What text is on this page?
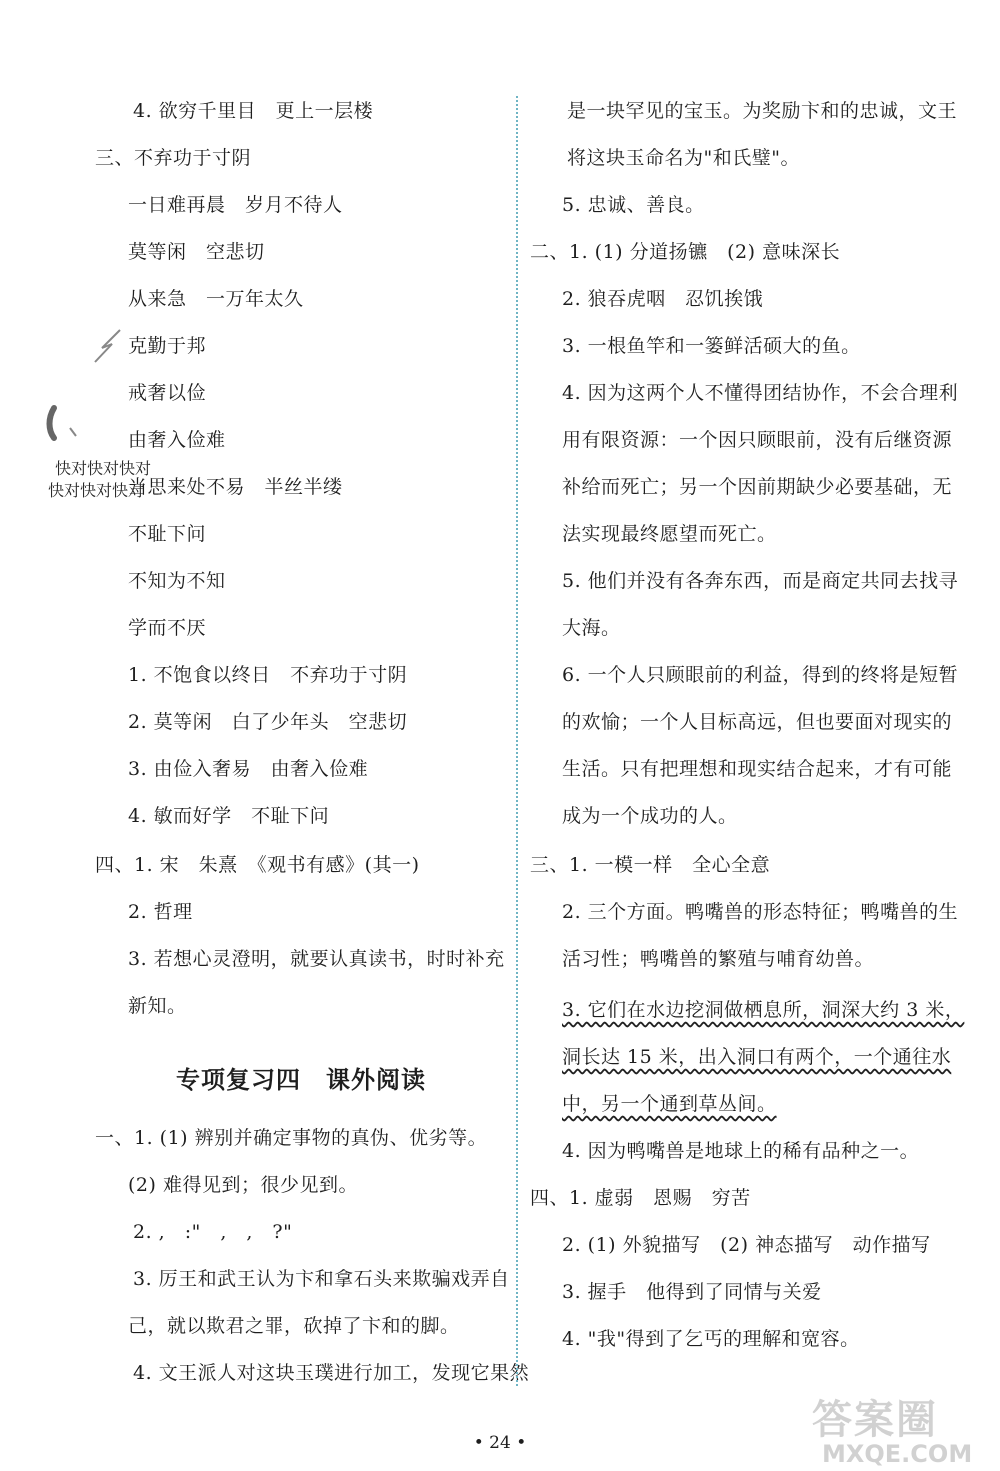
4. 欲穷千里目　更上一层楼
三、不弃功于寸阴
一日难再晨　岁月不待人
莫等闲　空悲切
从来急　一万年太久
克勤于邦
戒奢以俭
由奢入俭难
当思来处不易　半丝半缕
不耻下问
不知为不知
学而不厌
1. 不饱食以终日　不弃功于寸阴
2. 莫等闲　白了少年头　空悲切
3. 由俭入奢易　由奢入俭难
4. 敏而好学　不耻下问
四、1. 宋　朱熹　《观书有感》(其一)
2. 哲理
3. 若想心灵澄明，就要认真读书，时时补充
新知。
专项复习四　课外阅读
一、1. (1) 辨别并确定事物的真伪、优劣等。
(2) 难得见到；很少见到。
2. ,　:"　,　,　?"
3. 厉王和武王认为卞和拿石头来欺骗戏弄自
己，就以欺君之罪，砍掉了卞和的脚。
4. 文王派人对这块玉璞进行加工，发现它果然
是一块罕见的宝玉。为奖励卞和的忠诚，文王
将这块玉命名为"和氏璧"。
5. 忠诚、善良。
二、1. (1) 分道扬镳　(2) 意味深长
2. 狼吞虎咽　忍饥挨饿
3. 一根鱼竿和一篓鲜活硕大的鱼。
4. 因为这两个人不懂得团结协作，不会合理利
用有限资源：一个因只顾眼前，没有后继资源
补给而死亡；另一个因前期缺少必要基础，无
法实现最终愿望而死亡。
5. 他们并没有各奔东西，而是商定共同去找寻
大海。
6. 一个人只顾眼前的利益，得到的终将是短暂
的欢愉；一个人目标高远，但也要面对现实的
生活。只有把理想和现实结合起来，才有可能
成为一个成功的人。
三、1. 一模一样　全心全意
2. 三个方面。鸭嘴兽的形态特征；鸭嘴兽的生
活习性；鸭嘴兽的繁殖与哺育幼兽。
3. 它们在水边挖洞做栖息所，洞深大约 3 米，
洞长达 15 米，出入洞口有两个，一个通往水
中，另一个通到草丛间。
4. 因为鸭嘴兽是地球上的稀有品种之一。
四、1. 虚弱　恩赐　穷苦
2. (1) 外貌描写　(2) 神态描写　动作描写
3. 握手　他得到了同情与关爱
4. "我"得到了乞丐的理解和宽容。
快对快对快对
快对快对快对
• 24 •	答案圈
MXQE.COM
